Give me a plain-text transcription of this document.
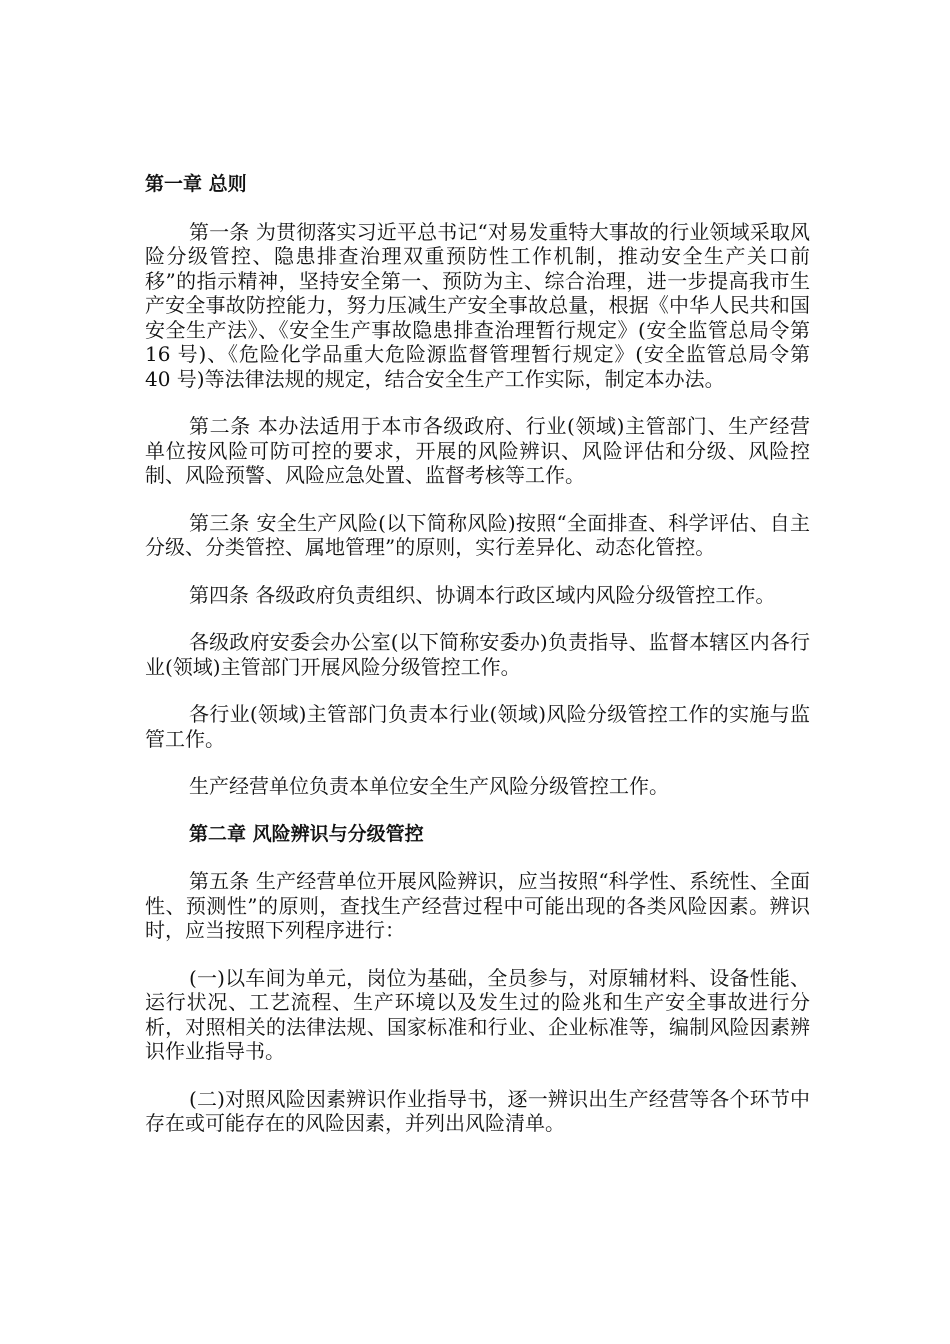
第一章 总则

第一条 为贯彻落实习近平总书记“对易发重特大事故的行业领域采取风险分级管控、隐患排查治理双重预防性工作机制，推动安全生产关口前移”的指示精神，坚持安全第一、预防为主、综合治理，进一步提高我市生产安全事故防控能力，努力压减生产安全事故总量，根据《中华人民共和国安全生产法》、《安全生产事故隐患排查治理暂行规定》(安全监管总局令第 16 号)、《危险化学品重大危险源监督管理暂行规定》(安全监管总局令第 40 号)等法律法规的规定，结合安全生产工作实际，制定本办法。

第二条 本办法适用于本市各级政府、行业(领域)主管部门、生产经营单位按风险可防可控的要求，开展的风险辨识、风险评估和分级、风险控制、风险预警、风险应急处置、监督考核等工作。

第三条 安全生产风险(以下简称风险)按照“全面排查、科学评估、自主分级、分类管控、属地管理”的原则，实行差异化、动态化管控。

第四条 各级政府负责组织、协调本行政区域内风险分级管控工作。

各级政府安委会办公室(以下简称安委办)负责指导、监督本辖区内各行业(领域)主管部门开展风险分级管控工作。

各行业(领域)主管部门负责本行业(领域)风险分级管控工作的实施与监管工作。

生产经营单位负责本单位安全生产风险分级管控工作。

第二章 风险辨识与分级管控

第五条 生产经营单位开展风险辨识，应当按照“科学性、系统性、全面性、预测性”的原则，查找生产经营过程中可能出现的各类风险因素。辨识时，应当按照下列程序进行：

(一)以车间为单元，岗位为基础，全员参与，对原辅材料、设备性能、运行状况、工艺流程、生产环境以及发生过的险兆和生产安全事故进行分析，对照相关的法律法规、国家标准和行业、企业标准等，编制风险因素辨识作业指导书。

(二)对照风险因素辨识作业指导书，逐一辨识出生产经营等各个环节中存在或可能存在的风险因素，并列出风险清单。
